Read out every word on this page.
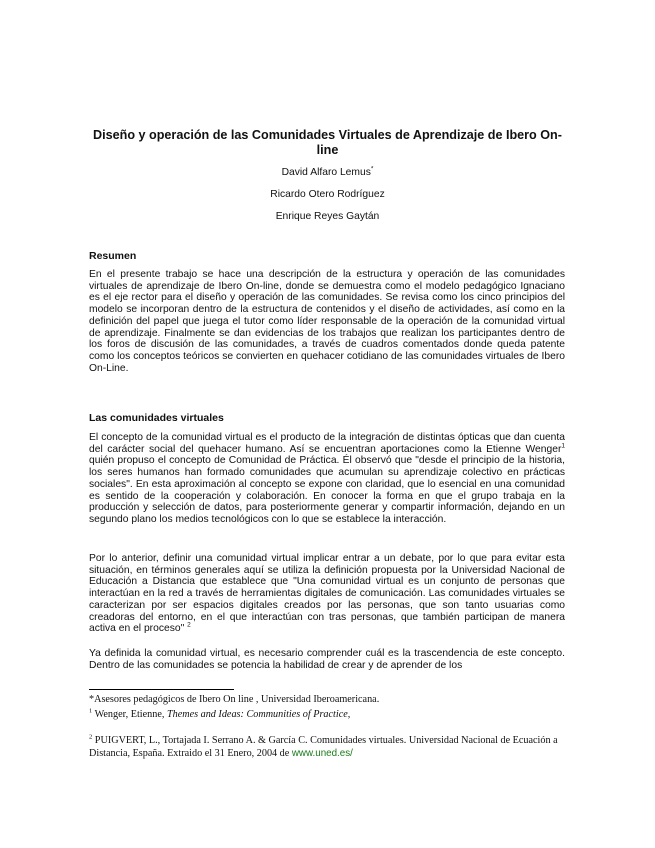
Diseño y operación de las Comunidades Virtuales de Aprendizaje de Ibero On-line
David Alfaro Lemus*
Ricardo Otero Rodríguez
Enrique Reyes Gaytán
Resumen

En el presente trabajo se hace una descripción de la estructura y operación de las comunidades virtuales de aprendizaje de Ibero On-line, donde se demuestra como el modelo pedagógico Ignaciano es el eje rector para el diseño y operación de las comunidades. Se revisa como los cinco principios del modelo se incorporan dentro de la estructura de contenidos y el diseño de actividades, así como en la definición del papel que juega el tutor como líder responsable de la operación de la comunidad virtual de aprendizaje. Finalmente se dan evidencias de los trabajos que realizan los participantes dentro de los foros de discusión de las comunidades, a través de cuadros comentados donde queda patente como los conceptos teóricos se convierten en quehacer cotidiano de las comunidades virtuales de Ibero On-Line.

Las comunidades virtuales

El concepto de la comunidad virtual es el producto de la integración de distintas ópticas que dan cuenta del carácter social del quehacer humano. Así se encuentran aportaciones como la Etienne Wenger$^1$ quién propuso el concepto de Comunidad de Práctica. Él observó que "desde el principio de la historia, los seres humanos han formado comunidades que acumulan su aprendizaje colectivo en prácticas sociales". En esta aproximación al concepto se expone con claridad, que lo esencial en una comunidad es sentido de la cooperación y colaboración. En conocer la forma en que el grupo trabaja en la producción y selección de datos, para posteriormente generar y compartir información, dejando en un segundo plano los medios tecnológicos con lo que se establece la interacción.

Por lo anterior, definir una comunidad virtual implicar entrar a un debate, por lo que para evitar esta situación, en términos generales aquí se utiliza la definición propuesta por la Universidad Nacional de Educación a Distancia que establece que "Una comunidad virtual es un conjunto de personas que interactúan en la red a través de herramientas digitales de comunicación. Las comunidades virtuales se caracterizan por ser espacios digitales creados por las personas, que son tanto usuarias como creadoras del entorno, en el que interactúan con tras personas, que también participan de manera activa en el proceso" $^2$

Ya definida la comunidad virtual, es necesario comprender cuál es la trascendencia de este concepto. Dentro de las comunidades se potencia la habilidad de crear y de aprender de los

*Asesores pedagógicos de Ibero On line , Universidad Iberoamericana.

$^1$ Wenger, Etienne, Themes and Ideas: Communities of Practice,

$^2$ PUIGVERT, L., Tortajada I. Serrano A. & García C. Comunidades virtuales. Universidad Nacional de Ecuación a Distancia, España. Extraido el 31 Enero, 2004 de www.uned.es/
